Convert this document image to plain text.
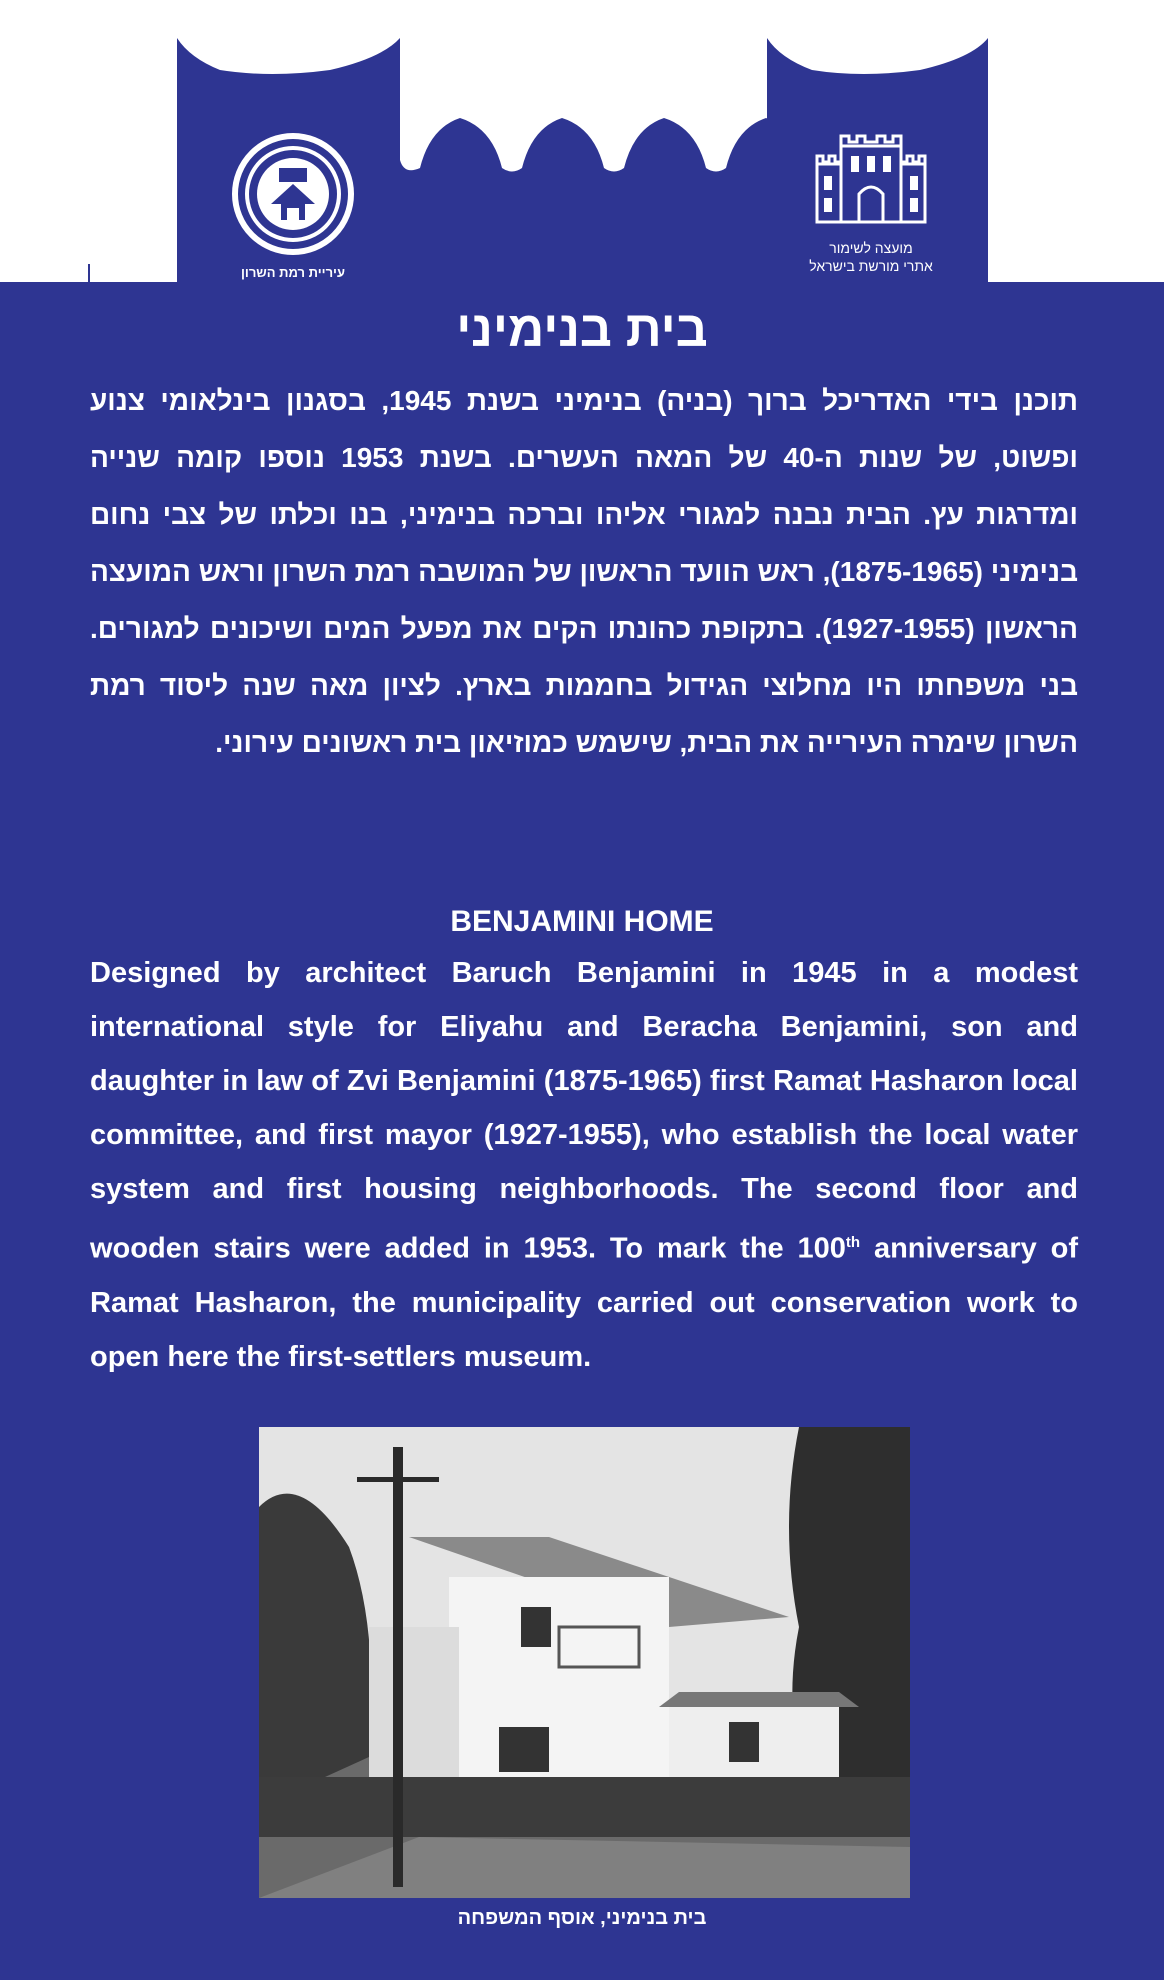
עיריית רמת השרון
מועצה לשימור
אתרי מורשת בישראל
בית בנימיני
תוכנן בידי האדריכל ברוך (בניה) בנימיני בשנת 1945, בסגנון בינלאומי צנוע ופשוט, של שנות ה-40 של המאה העשרים. בשנת 1953 נוספו קומה שנייה ומדרגות עץ. הבית נבנה למגורי אליהו וברכה בנימיני, בנו וכלתו של צבי נחום בנימיני (1875-1965), ראש הוועד הראשון של המושבה רמת השרון וראש המועצה הראשון (1927-1955). בתקופת כהונתו הקים את מפעל המים ושיכונים למגורים. בני משפחתו היו מחלוצי הגידול בחממות בארץ. לציון מאה שנה ליסוד רמת השרון שימרה העירייה את הבית, שישמש כמוזיאון בית ראשונים עירוני.
BENJAMINI HOME
Designed by architect Baruch Benjamini in 1945 in a modest international style for Eliyahu and Beracha Benjamini, son and daughter in law of Zvi Benjamini (1875-1965) first Ramat Hasharon local committee, and first mayor (1927-1955), who establish the local water system and first housing neighborhoods. The second floor and wooden stairs were added in 1953. To mark the 100th anniversary of Ramat Hasharon, the municipality carried out conservation work to open here the first-settlers museum.
בית בנימיני, אוסף המשפחה
